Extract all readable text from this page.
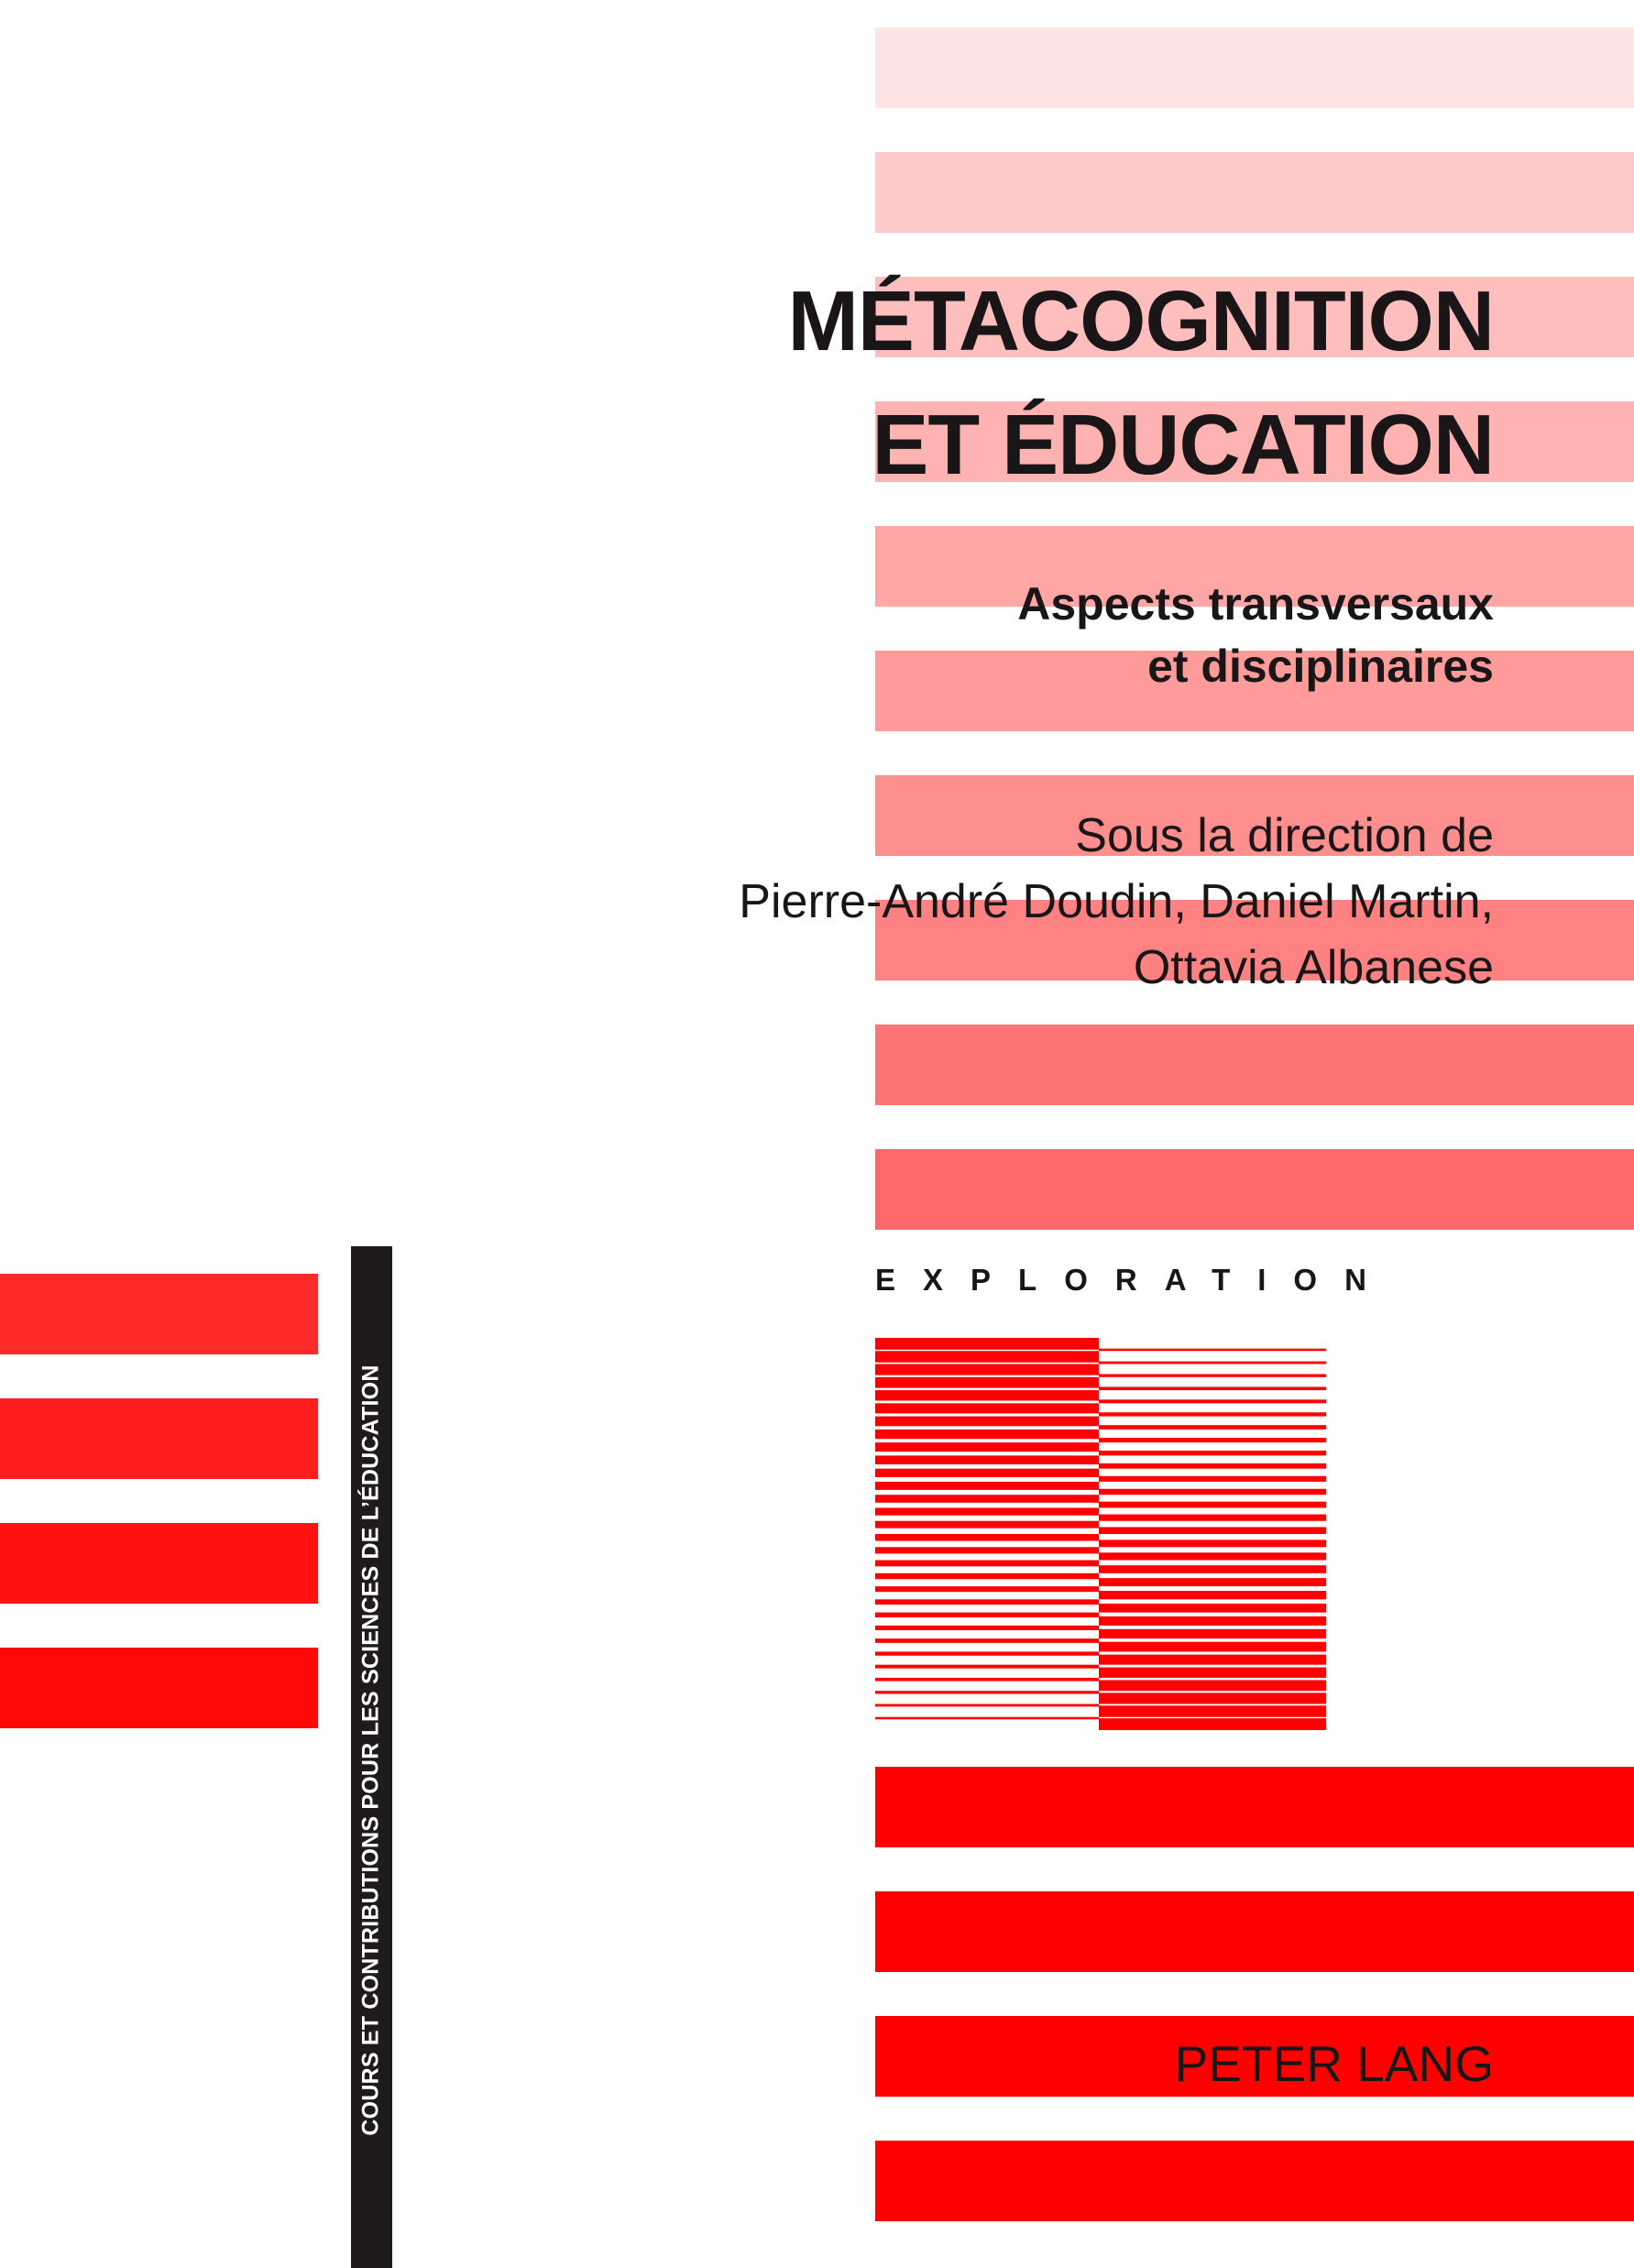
COURS ET CONTRIBUTIONS POUR LES SCIENCES DE L’ÉDUCATION
MÉTACOGNITION
ET ÉDUCATION
Aspects transversaux
et disciplinaires
Sous la direction de
Pierre-André Doudin, Daniel Martin,
Ottavia Albanese
EXPLORATION
PETER LANG
